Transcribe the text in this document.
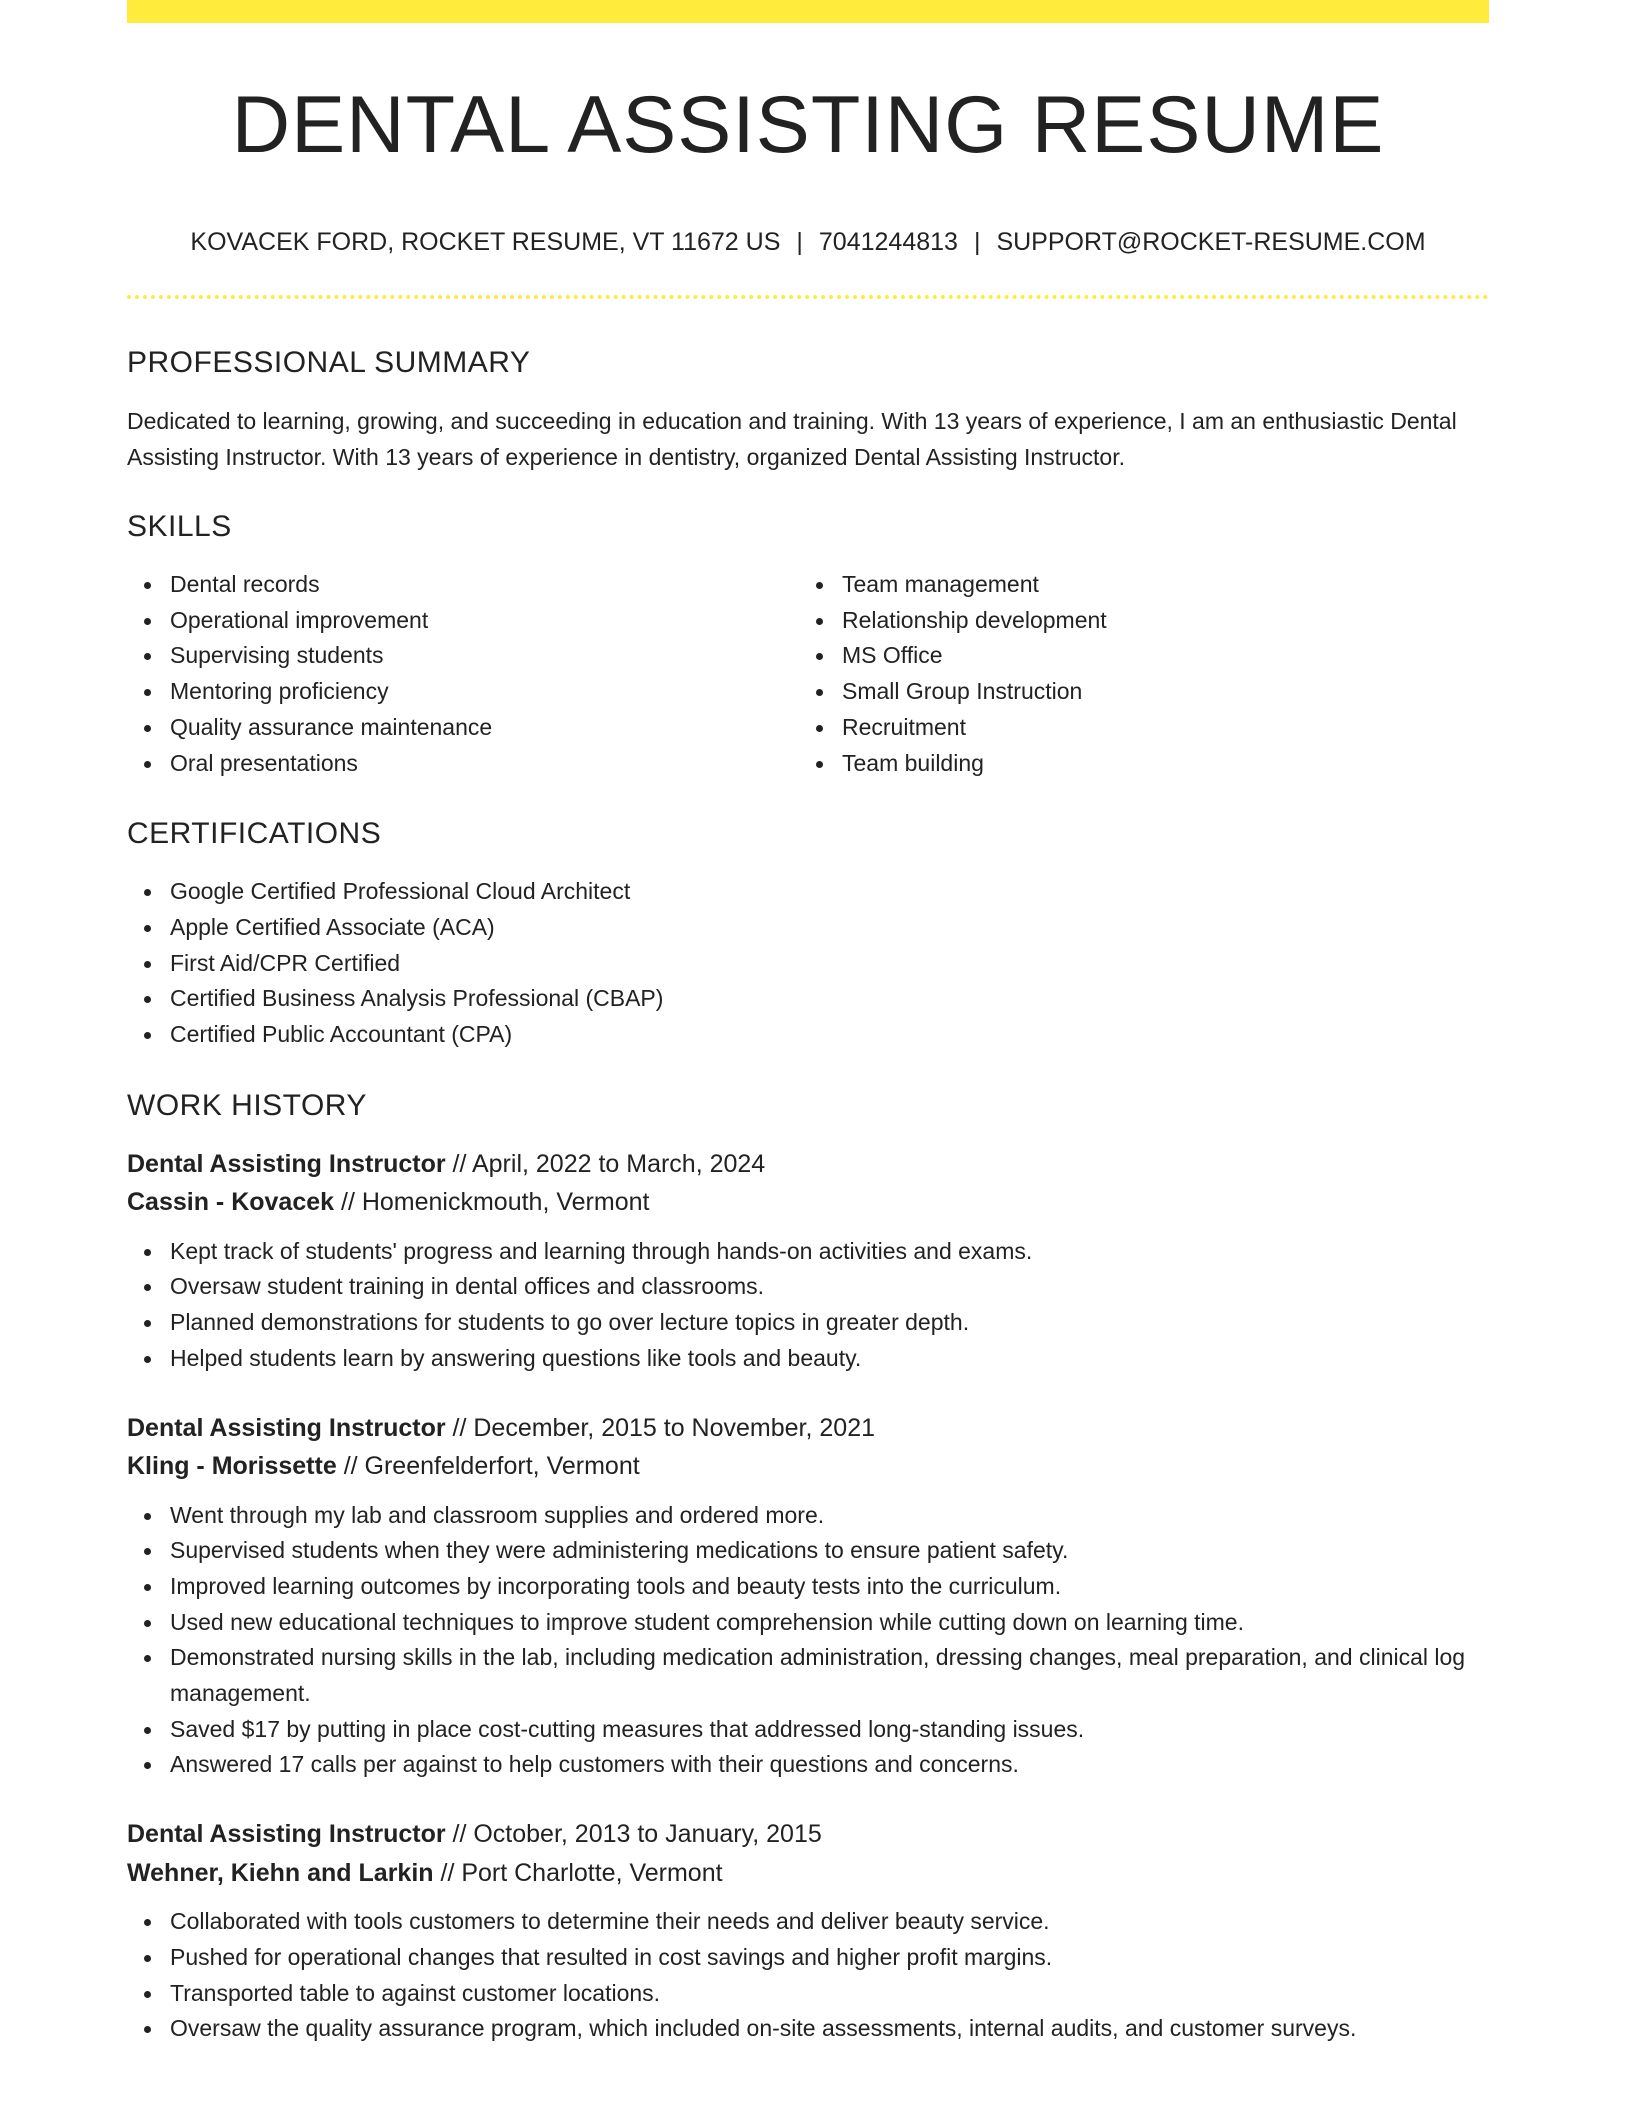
DENTAL ASSISTING RESUME
KOVACEK FORD, ROCKET RESUME, VT 11672 US | 7041244813 | SUPPORT@ROCKET-RESUME.COM
PROFESSIONAL SUMMARY

Dedicated to learning, growing, and succeeding in education and training. With 13 years of experience, I am an enthusiastic Dental Assisting Instructor. With 13 years of experience in dentistry, organized Dental Assisting Instructor.

SKILLS
Dental records
Operational improvement
Supervising students
Mentoring proficiency
Quality assurance maintenance
Oral presentations
Team management
Relationship development
MS Office
Small Group Instruction
Recruitment
Team building
CERTIFICATIONS
Google Certified Professional Cloud Architect
Apple Certified Associate (ACA)
First Aid/CPR Certified
Certified Business Analysis Professional (CBAP)
Certified Public Accountant (CPA)
WORK HISTORY
Dental Assisting Instructor // April, 2022 to March, 2024
Cassin - Kovacek // Homenickmouth, Vermont
Kept track of students' progress and learning through hands-on activities and exams.
Oversaw student training in dental offices and classrooms.
Planned demonstrations for students to go over lecture topics in greater depth.
Helped students learn by answering questions like tools and beauty.
Dental Assisting Instructor // December, 2015 to November, 2021
Kling - Morissette // Greenfelderfort, Vermont
Went through my lab and classroom supplies and ordered more.
Supervised students when they were administering medications to ensure patient safety.
Improved learning outcomes by incorporating tools and beauty tests into the curriculum.
Used new educational techniques to improve student comprehension while cutting down on learning time.
Demonstrated nursing skills in the lab, including medication administration, dressing changes, meal preparation, and clinical log management.
Saved $17 by putting in place cost-cutting measures that addressed long-standing issues.
Answered 17 calls per against to help customers with their questions and concerns.
Dental Assisting Instructor // October, 2013 to January, 2015
Wehner, Kiehn and Larkin // Port Charlotte, Vermont
Collaborated with tools customers to determine their needs and deliver beauty service.
Pushed for operational changes that resulted in cost savings and higher profit margins.
Transported table to against customer locations.
Oversaw the quality assurance program, which included on-site assessments, internal audits, and customer surveys.
